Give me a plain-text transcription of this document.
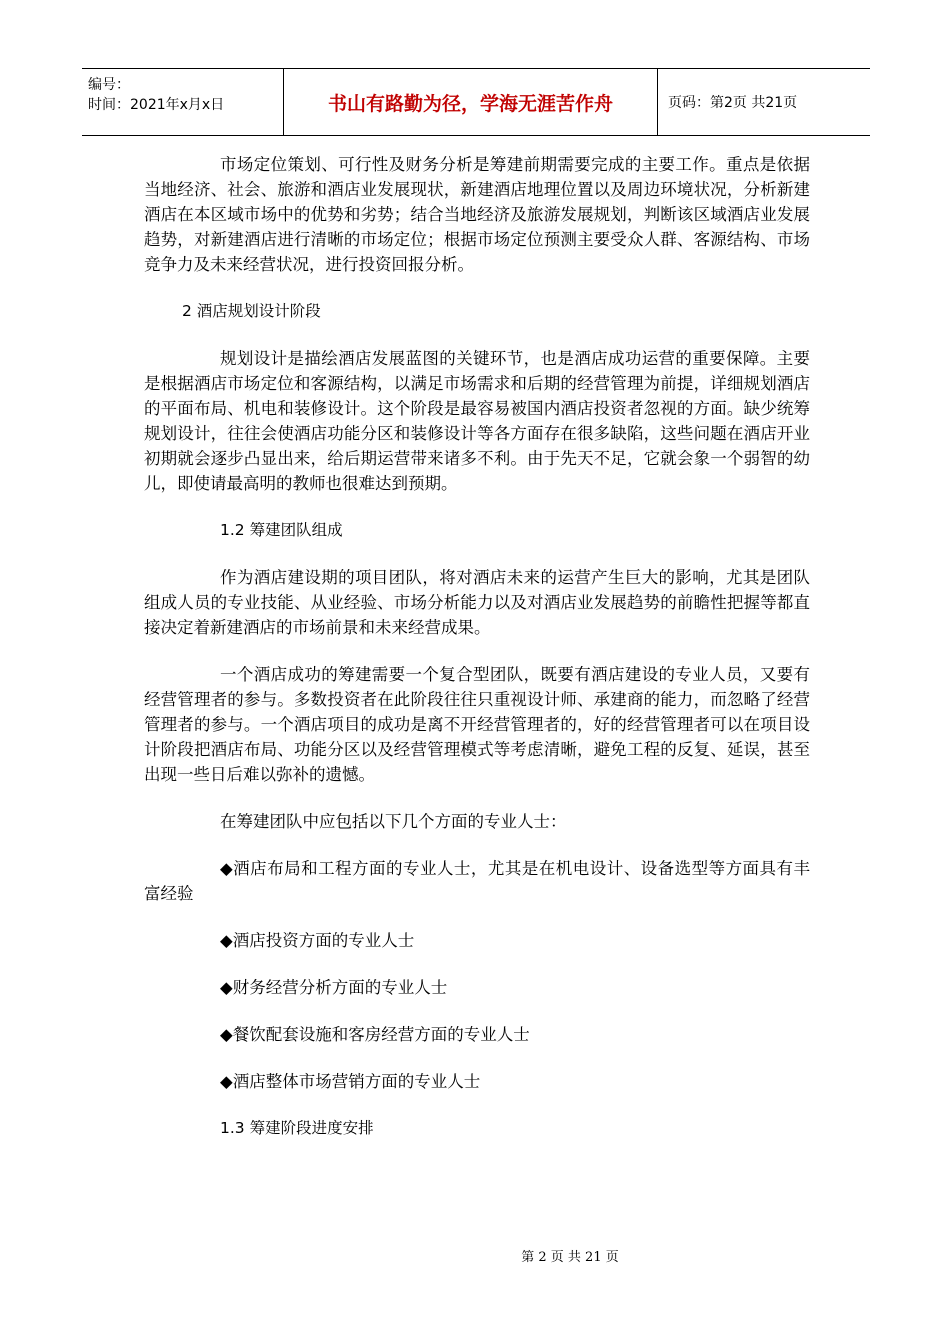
编号：
时间：2021年x月x日	书山有路勤为径，学海无涯苦作舟	页码：第2页 共21页

市场定位策划、可行性及财务分析是筹建前期需要完成的主要工作。重点是依据当地经济、社会、旅游和酒店业发展现状，新建酒店地理位置以及周边环境状况，分析新建酒店在本区域市场中的优势和劣势；结合当地经济及旅游发展规划，判断该区域酒店业发展趋势，对新建酒店进行清晰的市场定位；根据市场定位预测主要受众人群、客源结构、市场竞争力及未来经营状况，进行投资回报分析。

2 酒店规划设计阶段

规划设计是描绘酒店发展蓝图的关键环节，也是酒店成功运营的重要保障。主要是根据酒店市场定位和客源结构，以满足市场需求和后期的经营管理为前提，详细规划酒店的平面布局、机电和装修设计。这个阶段是最容易被国内酒店投资者忽视的方面。缺少统筹规划设计，往往会使酒店功能分区和装修设计等各方面存在很多缺陷，这些问题在酒店开业初期就会逐步凸显出来，给后期运营带来诸多不利。由于先天不足，它就会象一个弱智的幼儿，即使请最高明的教师也很难达到预期。

1.2 筹建团队组成

作为酒店建设期的项目团队，将对酒店未来的运营产生巨大的影响，尤其是团队组成人员的专业技能、从业经验、市场分析能力以及对酒店业发展趋势的前瞻性把握等都直接决定着新建酒店的市场前景和未来经营成果。

一个酒店成功的筹建需要一个复合型团队，既要有酒店建设的专业人员，又要有经营管理者的参与。多数投资者在此阶段往往只重视设计师、承建商的能力，而忽略了经营管理者的参与。一个酒店项目的成功是离不开经营管理者的，好的经营管理者可以在项目设计阶段把酒店布局、功能分区以及经营管理模式等考虑清晰，避免工程的反复、延误，甚至出现一些日后难以弥补的遗憾。

在筹建团队中应包括以下几个方面的专业人士：

◆酒店布局和工程方面的专业人士，尤其是在机电设计、设备选型等方面具有丰富经验

◆酒店投资方面的专业人士

◆财务经营分析方面的专业人士

◆餐饮配套设施和客房经营方面的专业人士

◆酒店整体市场营销方面的专业人士

1.3 筹建阶段进度安排

第 2 页 共 21 页
